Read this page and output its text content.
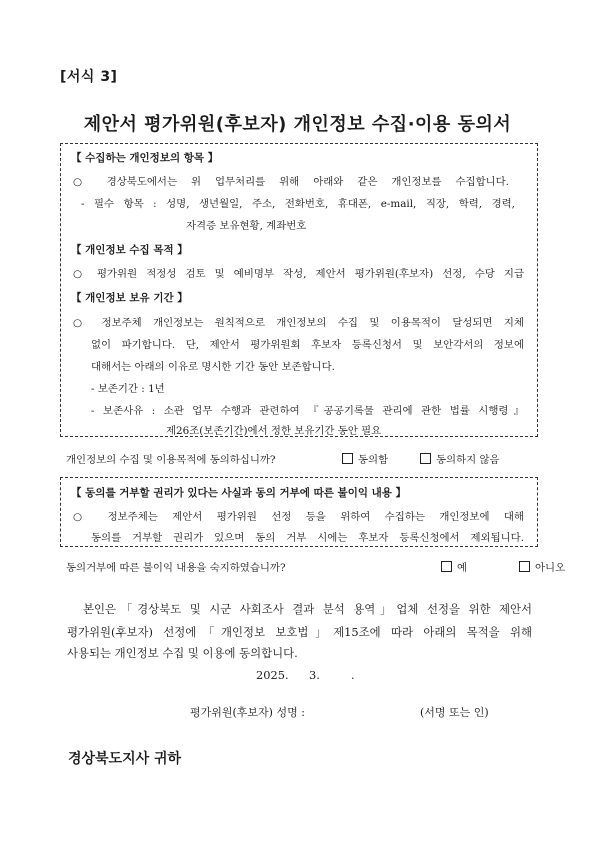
[서식 3]
제안서 평가위원(후보자) 개인정보 수집·이용 동의서
【 수집하는 개인정보의 항목 】
○ 경상북도에서는 위 업무처리를 위해 아래와 같은 개인정보를 수집합니다.
- 필수 항목 : 성명, 생년월일, 주소, 전화번호, 휴대폰, e-mail, 직장, 학력, 경력,
자격증 보유현황, 계좌번호
【 개인정보 수집 목적 】
○ 평가위원 적정성 검토 및 예비명부 작성, 제안서 평가위원(후보자) 선정, 수당 지급
【 개인정보 보유 기간 】
○ 정보주체 개인정보는 원칙적으로 개인정보의 수집 및 이용목적이 달성되면 지체
없이 파기합니다. 단, 제안서 평가위원회 후보자 등록신청서 및 보안각서의 정보에
대해서는 아래의 이유로 명시한 기간 동안 보존합니다.
- 보존기간 : 1년
- 보존사유 : 소관 업무 수행과 관련하여 『공공기록물 관리에 관한 법률 시행령』
제26조(보존기간)에서 정한 보유기간 동안 필요
개인정보의 수집 및 이용목적에 동의하십니까?	동의함	동의하지 않음
【 동의를 거부할 권리가 있다는 사실과 동의 거부에 따른 불이익 내용 】
○ 정보주체는 제안서 평가위원 선정 등을 위하여 수집하는 개인정보에 대해
동의를 거부할 권리가 있으며 동의 거부 시에는 후보자 등록신청에서 제외됩니다.
동의거부에 따른 불이익 내용을 숙지하였습니까?	예	아니오
본인은「경상북도 및 시군 사회조사 결과 분석 용역」업체 선정을 위한 제안서
평가위원(후보자) 선정에「개인정보 보호법」제15조에 따라 아래의 목적을 위해
사용되는 개인정보 수집 및 이용에 동의합니다.
2025. 3.	.
평가위원(후보자) 성명 :	(서명 또는 인)
경상북도지사 귀하
